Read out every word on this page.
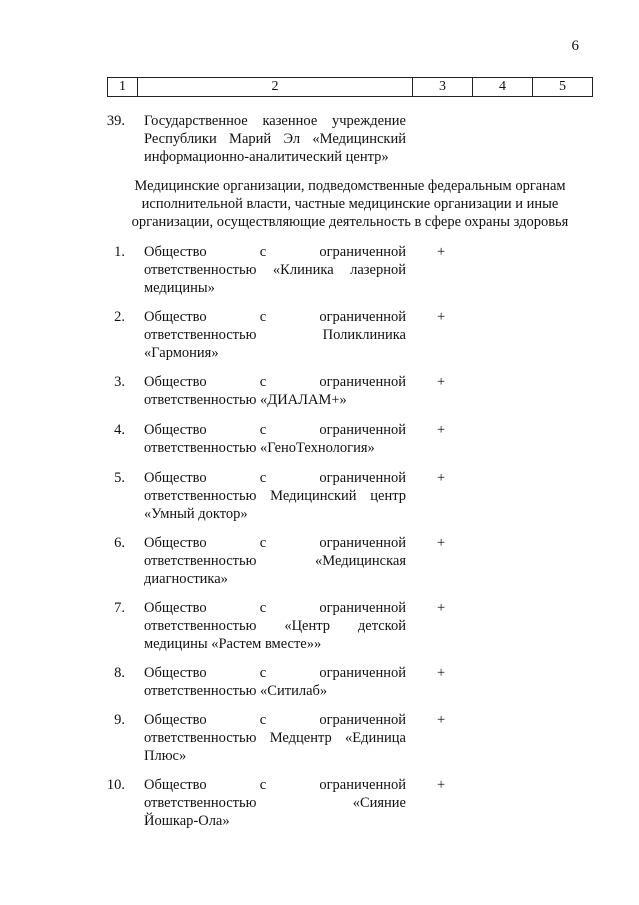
6
1	2	3	4	5
39. Государственное казенное учреждение
Республики Марий Эл «Медицинский
информационно-аналитический центр»
Медицинские организации, подведомственные федеральным органам
исполнительной власти, частные медицинские организации и иные
организации, осуществляющие деятельность в сфере охраны здоровья
1. Общество с ограниченной
ответственностью «Клиника лазерной
медицины»
+
2. Общество с ограниченной
ответственностью Поликлиника
«Гармония»
+
3. Общество с ограниченной
ответственностью «ДИАЛАМ+»
+
4. Общество с ограниченной
ответственностью «ГеноТехнология»
+
5. Общество с ограниченной
ответственностью Медицинский центр
«Умный доктор»
+
6. Общество с ограниченной
ответственностью «Медицинская
диагностика»
+
7. Общество с ограниченной
ответственностью «Центр детской
медицины «Растем вместе»»
+
8. Общество с ограниченной
ответственностью «Ситилаб»
+
9. Общество с ограниченной
ответственностью Медцентр «Единица
Плюс»
+
10. Общество с ограниченной
ответственностью «Сияние
Йошкар-Ола»
+
